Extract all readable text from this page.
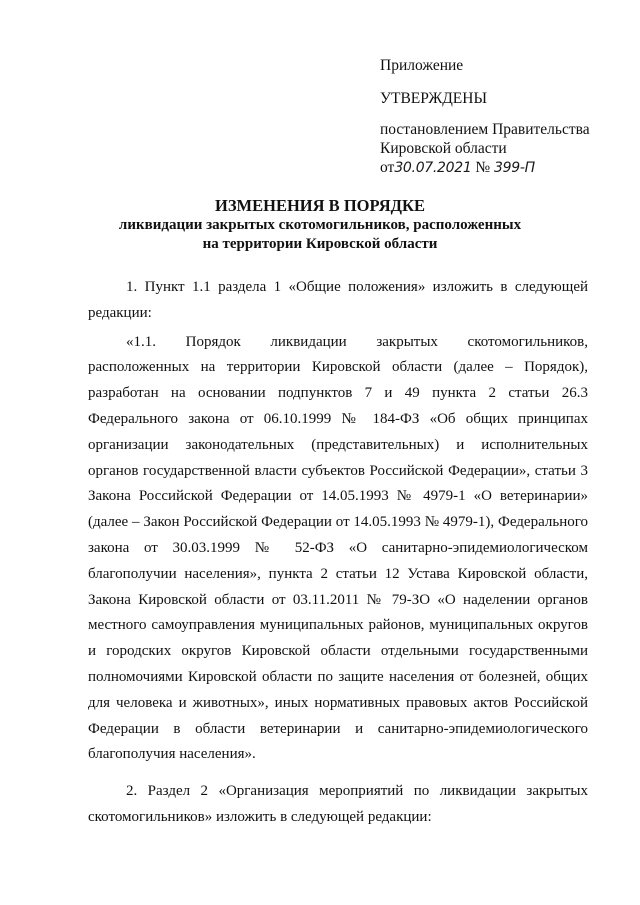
Приложение
УТВЕРЖДЕНЫ
постановлением Правительства
Кировской области
от30.07.2021 № 399-П
ИЗМЕНЕНИЯ В ПОРЯДКЕ
ликвидации закрытых скотомогильников, расположенных
на территории Кировской области

1. Пункт 1.1 раздела 1 «Общие положения» изложить в следующей редакции:

«1.1. Порядок ликвидации закрытых скотомогильников, расположенных на территории Кировской области (далее – Порядок), разработан на основании подпунктов 7 и 49 пункта 2 статьи 26.3 Федерального закона от 06.10.1999 № 184-ФЗ «Об общих принципах организации законодательных (представительных) и исполнительных органов государственной власти субъектов Российской Федерации», статьи 3 Закона Российской Федерации от 14.05.1993 № 4979-1 «О ветеринарии» (далее – Закон Российской Федерации от 14.05.1993 № 4979-1), Федерального закона от 30.03.1999 № 52-ФЗ «О санитарно-эпидемиологическом благополучии населения», пункта 2 статьи 12 Устава Кировской области, Закона Кировской области от 03.11.2011 № 79-ЗО «О наделении органов местного самоуправления муниципальных районов, муниципальных округов и городских округов Кировской области отдельными государственными полномочиями Кировской области по защите населения от болезней, общих для человека и животных», иных нормативных правовых актов Российской Федерации в области ветеринарии и санитарно-эпидемиологического благополучия населения».

2. Раздел 2 «Организация мероприятий по ликвидации закрытых скотомогильников» изложить в следующей редакции:
